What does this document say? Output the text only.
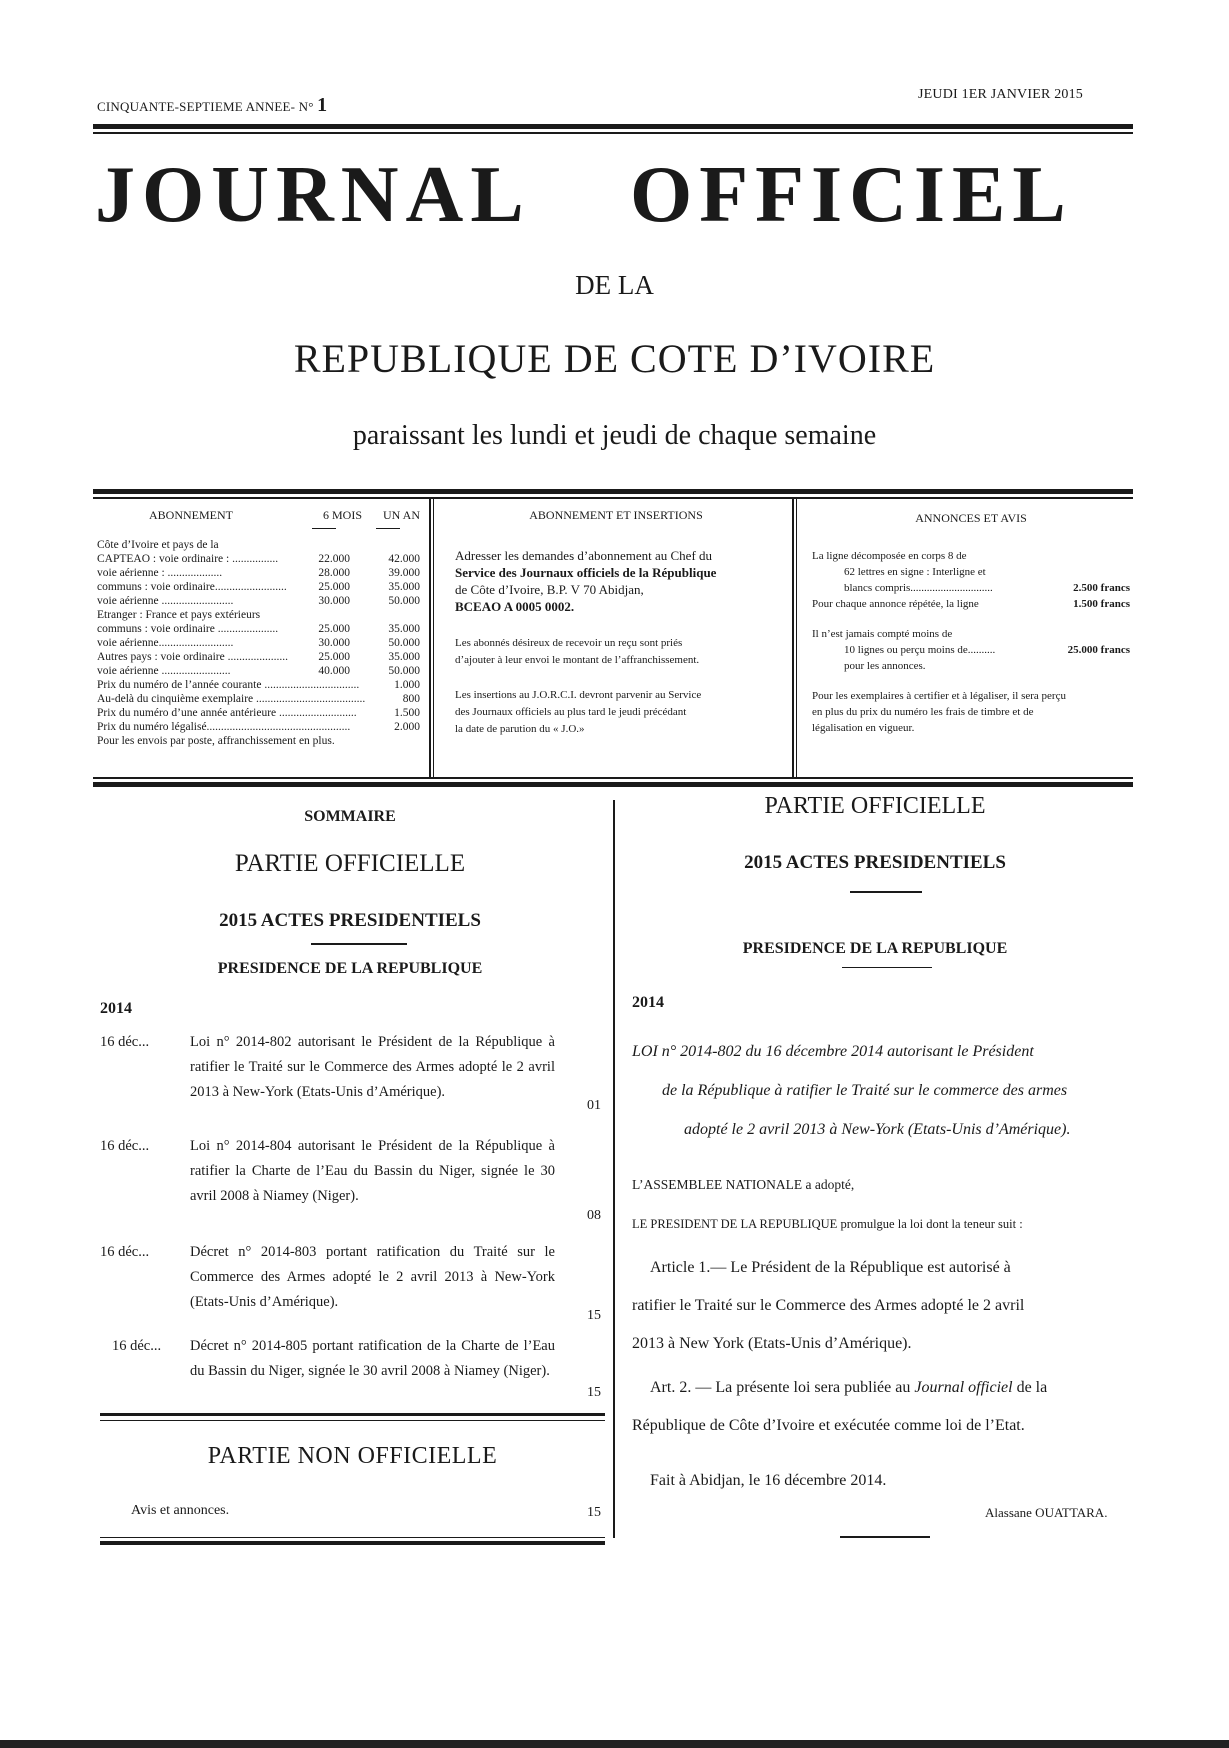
CINQUANTE-SEPTIEME ANNEE- N° 1	JEUDI 1ER JANVIER 2015
JOURNAL OFFICIEL
DE LA
REPUBLIQUE DE COTE D’IVOIRE
paraissant les lundi et jeudi de chaque semaine
ABONNEMENT	6 MOIS	UN AN
Côte d’Ivoire et pays de la
CAPTEAO : voie ordinaire : ................	22.000	42.000
voie aérienne : ...................	28.000	39.000
communs : voie ordinaire.........................	25.000	35.000
voie aérienne .........................	30.000	50.000
Etranger : France et pays extérieurs
communs : voie ordinaire .....................	25.000	35.000
voie aérienne..........................	30.000	50.000
Autres pays : voie ordinaire .....................	25.000	35.000
voie aérienne ........................	40.000	50.000
Prix du numéro de l’année courante .................................	1.000
Au-delà du cinquième exemplaire ......................................	800
Prix du numéro d’une année antérieure ...........................	1.500
Prix du numéro légalisé..................................................	2.000
Pour les envois par poste, affranchissement en plus.
ABONNEMENT ET INSERTIONS
Adresser les demandes d’abonnement au Chef du
Service des Journaux officiels de la République
de Côte d’Ivoire, B.P. V 70 Abidjan,
BCEAO A 0005 0002.
Les abonnés désireux de recevoir un reçu sont priés
d’ajouter à leur envoi le montant de l’affranchissement.
Les insertions au J.O.R.C.I. devront parvenir au Service
des Journaux officiels au plus tard le jeudi précédant
la date de parution du « J.O.»
ANNONCES ET AVIS
La ligne décomposée en corps 8 de
62 lettres en signe : Interligne et
blancs compris..............................	2.500 francs
Pour chaque annonce répétée, la ligne	1.500 francs
Il n’est jamais compté moins de
10 lignes ou perçu moins de..........	25.000 francs
pour les annonces.
Pour les exemplaires à certifier et à légaliser, il sera perçu
en plus du prix du numéro les frais de timbre et de
légalisation en vigueur.
SOMMAIRE
PARTIE OFFICIELLE
2015 ACTES PRESIDENTIELS
PRESIDENCE DE LA REPUBLIQUE
2014
16 déc...	Loi n° 2014-802 autorisant le Président de la République à ratifier le Traité sur le Commerce des Armes adopté le 2 avril 2013 à New-York (Etats-Unis d’Amérique).
01
16 déc...	Loi n° 2014-804 autorisant le Président de la République à ratifier la Charte de l’Eau du Bassin du Niger, signée le 30 avril 2008 à Niamey (Niger).
08
16 déc...	Décret n° 2014-803 portant ratification du Traité sur le Commerce des Armes adopté le 2 avril 2013 à New-York (Etats-Unis d’Amérique).
15
16 déc...	Décret n° 2014-805 portant ratification de la Charte de l’Eau du Bassin du Niger, signée le 30 avril 2008 à Niamey (Niger).
15
PARTIE NON OFFICIELLE
Avis et annonces.	15
PARTIE OFFICIELLE
2015 ACTES PRESIDENTIELS
PRESIDENCE DE LA REPUBLIQUE
2014
LOI n° 2014-802 du 16 décembre 2014 autorisant le Président
de la République à ratifier le Traité sur le commerce des armes
adopté le 2 avril 2013 à New-York (Etats-Unis d’Amérique).
L’ASSEMBLEE NATIONALE a adopté,
LE PRESIDENT DE LA REPUBLIQUE promulgue la loi dont la teneur suit :
Article 1.— Le Président de la République est autorisé à
ratifier le Traité sur le Commerce des Armes adopté le 2 avril
2013 à New York (Etats-Unis d’Amérique).
Art. 2. — La présente loi sera publiée au Journal officiel de la
République de Côte d’Ivoire et exécutée comme loi de l’Etat.
Fait à Abidjan, le 16 décembre 2014.
Alassane OUATTARA.
